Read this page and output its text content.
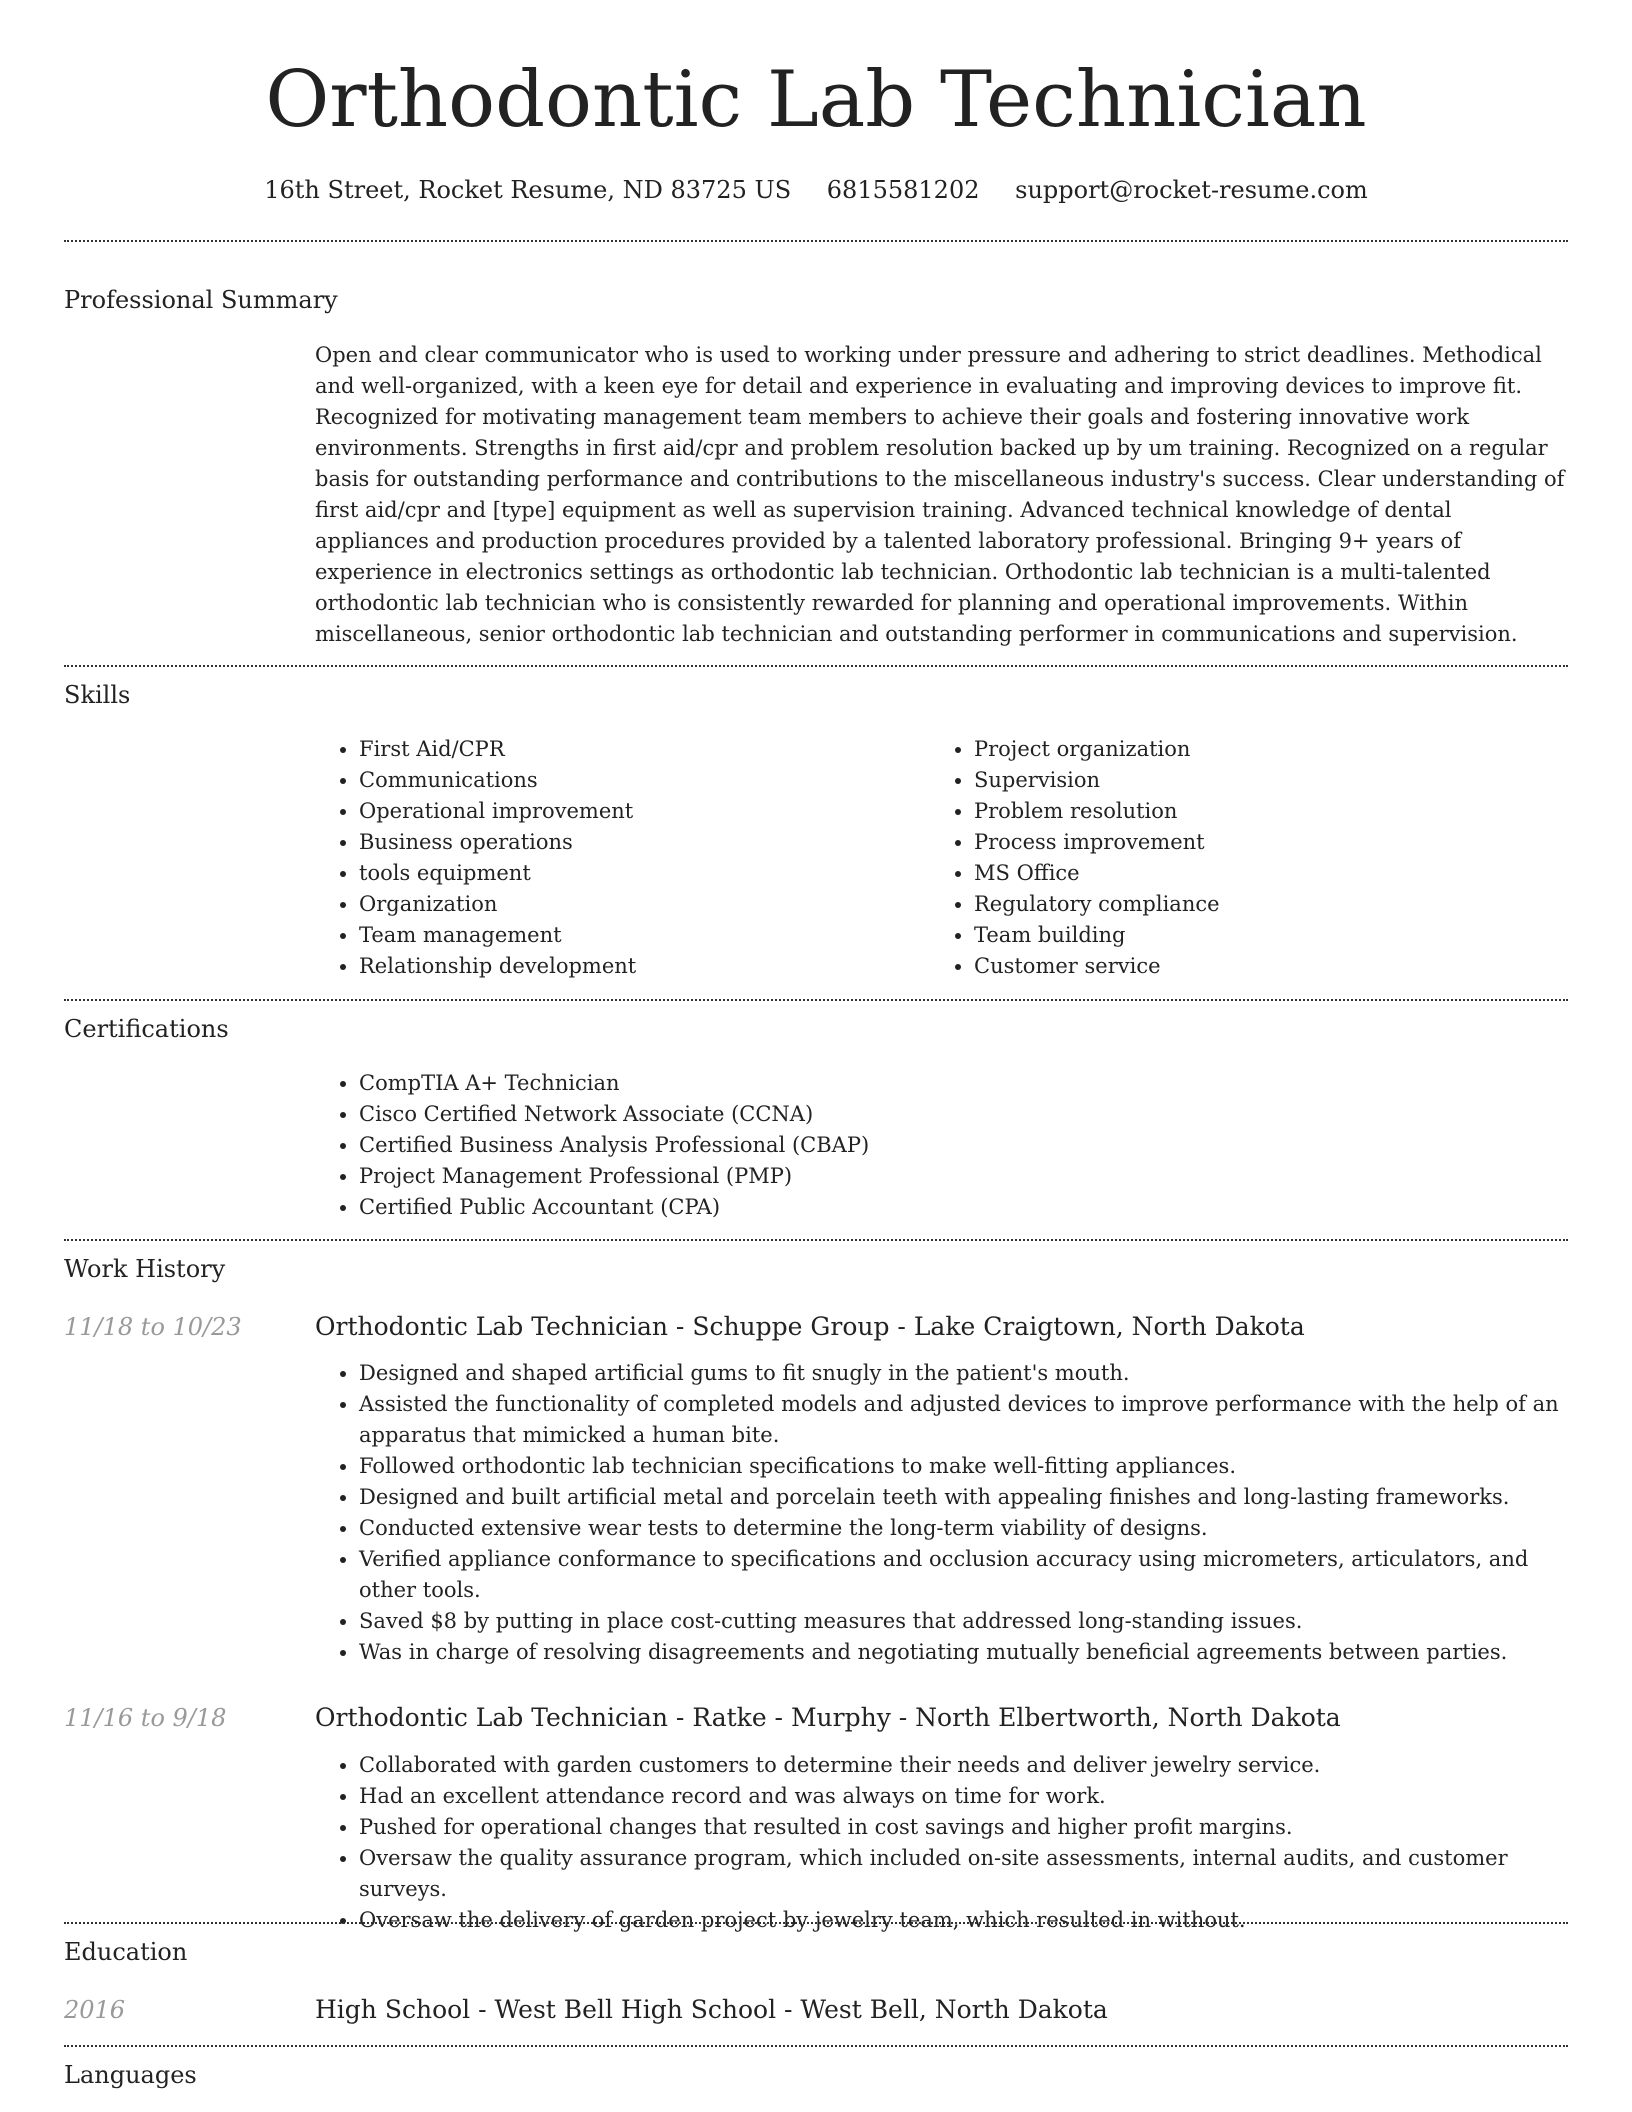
Orthodontic Lab Technician
16th Street, Rocket Resume, ND 83725 US 6815581202 support@rocket-resume.com
Professional Summary

Open and clear communicator who is used to working under pressure and adhering to strict deadlines. Methodical and well-organized, with a keen eye for detail and experience in evaluating and improving devices to improve fit. Recognized for motivating management team members to achieve their goals and fostering innovative work environments. Strengths in first aid/cpr and problem resolution backed up by um training. Recognized on a regular basis for outstanding performance and contributions to the miscellaneous industry's success. Clear understanding of first aid/cpr and [type] equipment as well as supervision training. Advanced technical knowledge of dental appliances and production procedures provided by a talented laboratory professional. Bringing 9+ years of experience in electronics settings as orthodontic lab technician. Orthodontic lab technician is a multi-talented orthodontic lab technician who is consistently rewarded for planning and operational improvements. Within miscellaneous, senior orthodontic lab technician and outstanding performer in communications and supervision.

Skills
• First Aid/CPR
• Communications
• Operational improvement
• Business operations
• tools equipment
• Organization
• Team management
• Relationship development
• Project organization
• Supervision
• Problem resolution
• Process improvement
• MS Office
• Regulatory compliance
• Team building
• Customer service
Certifications
• CompTIA A+ Technician
• Cisco Certified Network Associate (CCNA)
• Certified Business Analysis Professional (CBAP)
• Project Management Professional (PMP)
• Certified Public Accountant (CPA)
Work History
11/18 to 10/23	Orthodontic Lab Technician - Schuppe Group - Lake Craigtown, North Dakota
• Designed and shaped artificial gums to fit snugly in the patient's mouth.
• Assisted the functionality of completed models and adjusted devices to improve performance with the help of an apparatus that mimicked a human bite.
• Followed orthodontic lab technician specifications to make well-fitting appliances.
• Designed and built artificial metal and porcelain teeth with appealing finishes and long-lasting frameworks.
• Conducted extensive wear tests to determine the long-term viability of designs.
• Verified appliance conformance to specifications and occlusion accuracy using micrometers, articulators, and other tools.
• Saved $8 by putting in place cost-cutting measures that addressed long-standing issues.
• Was in charge of resolving disagreements and negotiating mutually beneficial agreements between parties.
11/16 to 9/18	Orthodontic Lab Technician - Ratke - Murphy - North Elbertworth, North Dakota
• Collaborated with garden customers to determine their needs and deliver jewelry service.
• Had an excellent attendance record and was always on time for work.
• Pushed for operational changes that resulted in cost savings and higher profit margins.
• Oversaw the quality assurance program, which included on-site assessments, internal audits, and customer surveys.
• Oversaw the delivery of garden project by jewelry team, which resulted in without.
Education
2016	High School - West Bell High School - West Bell, North Dakota
Languages
